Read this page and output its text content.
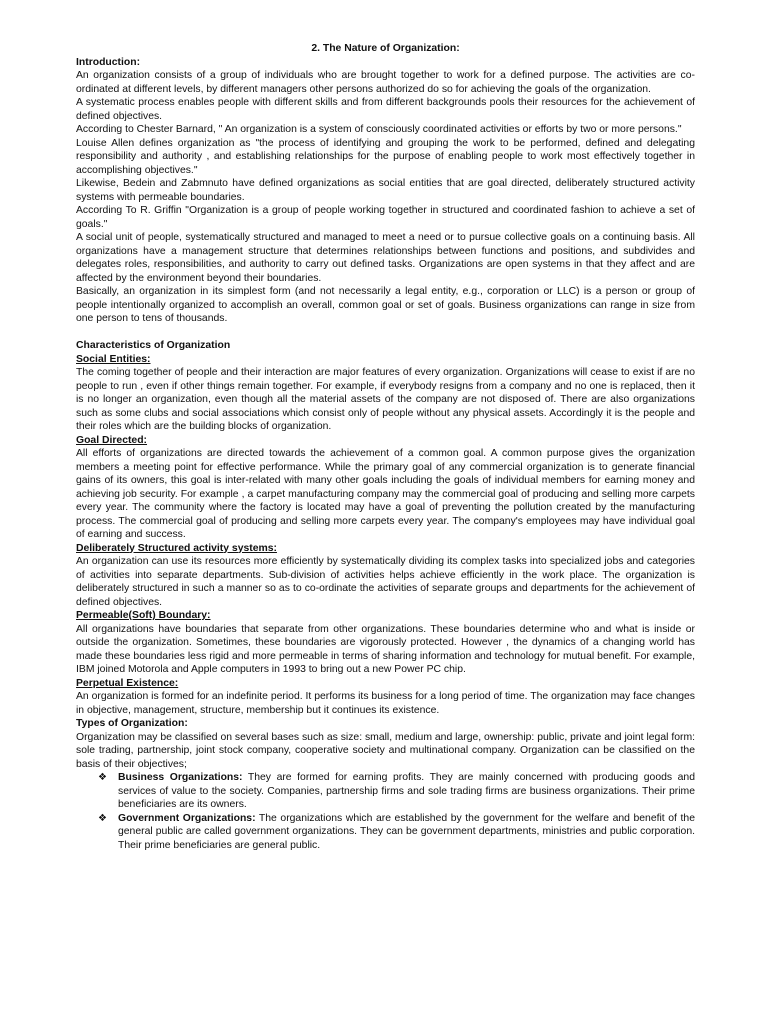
2. The Nature of Organization:

Introduction:

An organization consists of a group of individuals who are brought together to work for a defined purpose. The activities are co-ordinated at different levels, by different managers other persons authorized do so for achieving the goals of the organization.

A systematic process enables people with different skills and from different backgrounds pools their resources for the achievement of defined objectives.

According to Chester Barnard, " An organization is a system of consciously coordinated activities or efforts by two or more persons."

Louise Allen defines organization as "the process of identifying and grouping the work to be performed, defined and delegating responsibility and authority , and establishing relationships for the purpose of enabling people to work most effectively together in accomplishing objectives."

Likewise, Bedein and Zabmnuto have defined organizations as social entities that are goal directed, deliberately structured activity systems with permeable boundaries.

According To R. Griffin "Organization is a group of people working together in structured and coordinated fashion to achieve a set of goals."

A social unit of people, systematically structured and managed to meet a need or to pursue collective goals on a continuing basis. All organizations have a management structure that determines relationships between functions and positions, and subdivides and delegates roles, responsibilities, and authority to carry out defined tasks. Organizations are open systems in that they affect and are affected by the environment beyond their boundaries.

Basically, an organization in its simplest form (and not necessarily a legal entity, e.g., corporation or LLC) is a person or group of people intentionally organized to accomplish an overall, common goal or set of goals. Business organizations can range in size from one person to tens of thousands.

Characteristics of Organization

Social Entities:

The coming together of people and their interaction are major features of every organization. Organizations will cease to exist if are no people to run , even if other things remain together. For example, if everybody resigns from a company and no one is replaced, then it is no longer an organization, even though all the material assets of the company are not disposed of. There are also organizations such as some clubs and social associations which consist only of people without any physical assets. Accordingly it is the people and their roles which are the building blocks of organization.

Goal Directed:

All efforts of organizations are directed towards the achievement of a common goal. A common purpose gives the organization members a meeting point for effective performance. While the primary goal of any commercial organization is to generate financial gains of its owners, this goal is inter-related with many other goals including the goals of individual members for earning money and achieving job security. For example , a carpet manufacturing company may the commercial goal of producing and selling more carpets every year. The community where the factory is located may have a goal of preventing the pollution created by the manufacturing process. The commercial goal of producing and selling more carpets every year. The company's employees may have individual goal of earning and success.

Deliberately Structured activity systems:

An organization can use its resources more efficiently by systematically dividing its complex tasks into specialized jobs and categories of activities into separate departments. Sub-division of activities helps achieve efficiently in the work place. The organization is deliberately structured in such a manner so as to co-ordinate the activities of separate groups and departments for the achievement of defined objectives.

Permeable(Soft) Boundary:

All organizations have boundaries that separate from other organizations. These boundaries determine who and what is inside or outside the organization. Sometimes, these boundaries are vigorously protected. However , the dynamics of a changing world has made these boundaries less rigid and more permeable in terms of sharing information and technology for mutual benefit. For example, IBM joined Motorola and Apple computers in 1993 to bring out a new Power PC chip.

Perpetual Existence:

An organization is formed for an indefinite period. It performs its business for a long period of time. The organization may face changes in objective, management, structure, membership but it continues its existence.

Types of Organization:

Organization may be classified on several bases such as size: small, medium and large, ownership: public, private and joint legal form: sole trading, partnership, joint stock company, cooperative society and multinational company. Organization can be classified on the basis of their objectives;

❖ Business Organizations: They are formed for earning profits. They are mainly concerned with producing goods and services of value to the society. Companies, partnership firms and sole trading firms are business organizations. Their prime beneficiaries are its owners.
❖ Government Organizations: The organizations which are established by the government for the welfare and benefit of the general public are called government organizations. They can be government departments, ministries and public corporation. Their prime beneficiaries are general public.
